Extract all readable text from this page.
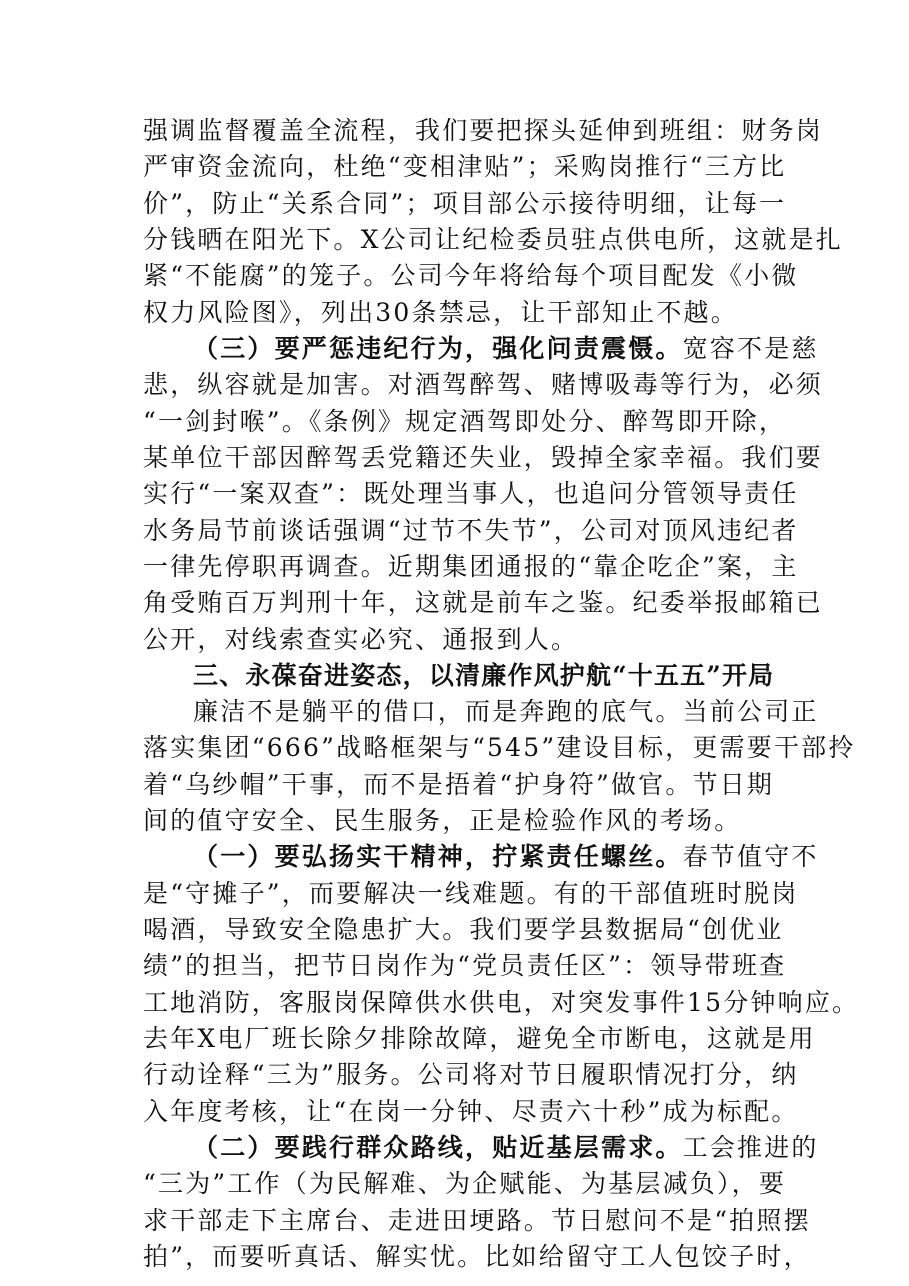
强调监督覆盖全流程，我们要把探头延伸到班组：财务岗
严审资金流向，杜绝“变相津贴”；采购岗推行“三方比
价”，防止“关系合同”；项目部公示接待明细，让每一
分钱晒在阳光下。X公司让纪检委员驻点供电所，这就是扎
紧“不能腐”的笼子。公司今年将给每个项目配发《小微
权力风险图》，列出30条禁忌，让干部知止不越。
（三）要严惩违纪行为，强化问责震慑。宽容不是慈
悲，纵容就是加害。对酒驾醉驾、赌博吸毒等行为，必须
“一剑封喉”。《条例》规定酒驾即处分、醉驾即开除，
某单位干部因醉驾丢党籍还失业，毁掉全家幸福。我们要
实行“一案双查”：既处理当事人，也追问分管领导责任
水务局节前谈话强调“过节不失节”，公司对顶风违纪者
一律先停职再调查。近期集团通报的“靠企吃企”案，主
角受贿百万判刑十年，这就是前车之鉴。纪委举报邮箱已
公开，对线索查实必究、通报到人。
三、永葆奋进姿态，以清廉作风护航“十五五”开局
廉洁不是躺平的借口，而是奔跑的底气。当前公司正
落实集团“666”战略框架与“545”建设目标，更需要干部拎
着“乌纱帽”干事，而不是捂着“护身符”做官。节日期
间的值守安全、民生服务，正是检验作风的考场。
（一）要弘扬实干精神，拧紧责任螺丝。春节值守不
是“守摊子”，而要解决一线难题。有的干部值班时脱岗
喝酒，导致安全隐患扩大。我们要学县数据局“创优业
绩”的担当，把节日岗作为“党员责任区”：领导带班查
工地消防，客服岗保障供水供电，对突发事件15分钟响应。
去年X电厂班长除夕排除故障，避免全市断电，这就是用
行动诠释“三为”服务。公司将对节日履职情况打分，纳
入年度考核，让“在岗一分钟、尽责六十秒”成为标配。
（二）要践行群众路线，贴近基层需求。工会推进的
“三为”工作（为民解难、为企赋能、为基层减负），要
求干部走下主席台、走进田埂路。节日慰问不是“拍照摆
拍”，而要听真话、解实忧。比如给留守工人包饺子时，
